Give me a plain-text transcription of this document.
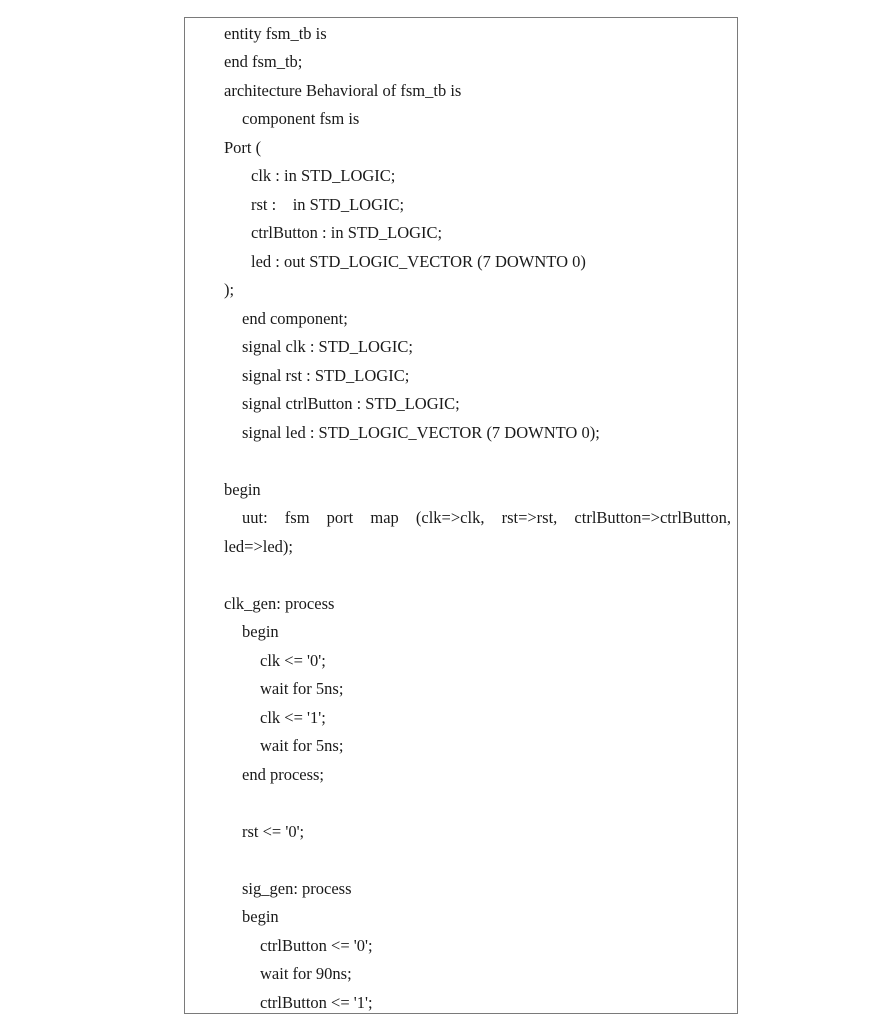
entity fsm_tb is
end fsm_tb;
architecture Behavioral of fsm_tb is
component fsm is
Port (
clk : in STD_LOGIC;
rst :    in STD_LOGIC;
ctrlButton : in STD_LOGIC;
led : out STD_LOGIC_VECTOR (7 DOWNTO 0)
);
end component;
signal clk : STD_LOGIC;
signal rst : STD_LOGIC;
signal ctrlButton : STD_LOGIC;
signal led : STD_LOGIC_VECTOR (7 DOWNTO 0);
begin
uut: fsm port map (clk=>clk, rst=>rst, ctrlButton=>ctrlButton,
led=>led);
clk_gen: process
begin
clk <= '0';
wait for 5ns;
clk <= '1';
wait for 5ns;
end process;
rst <= '0';
sig_gen: process
begin
ctrlButton <= '0';
wait for 90ns;
ctrlButton <= '1';
